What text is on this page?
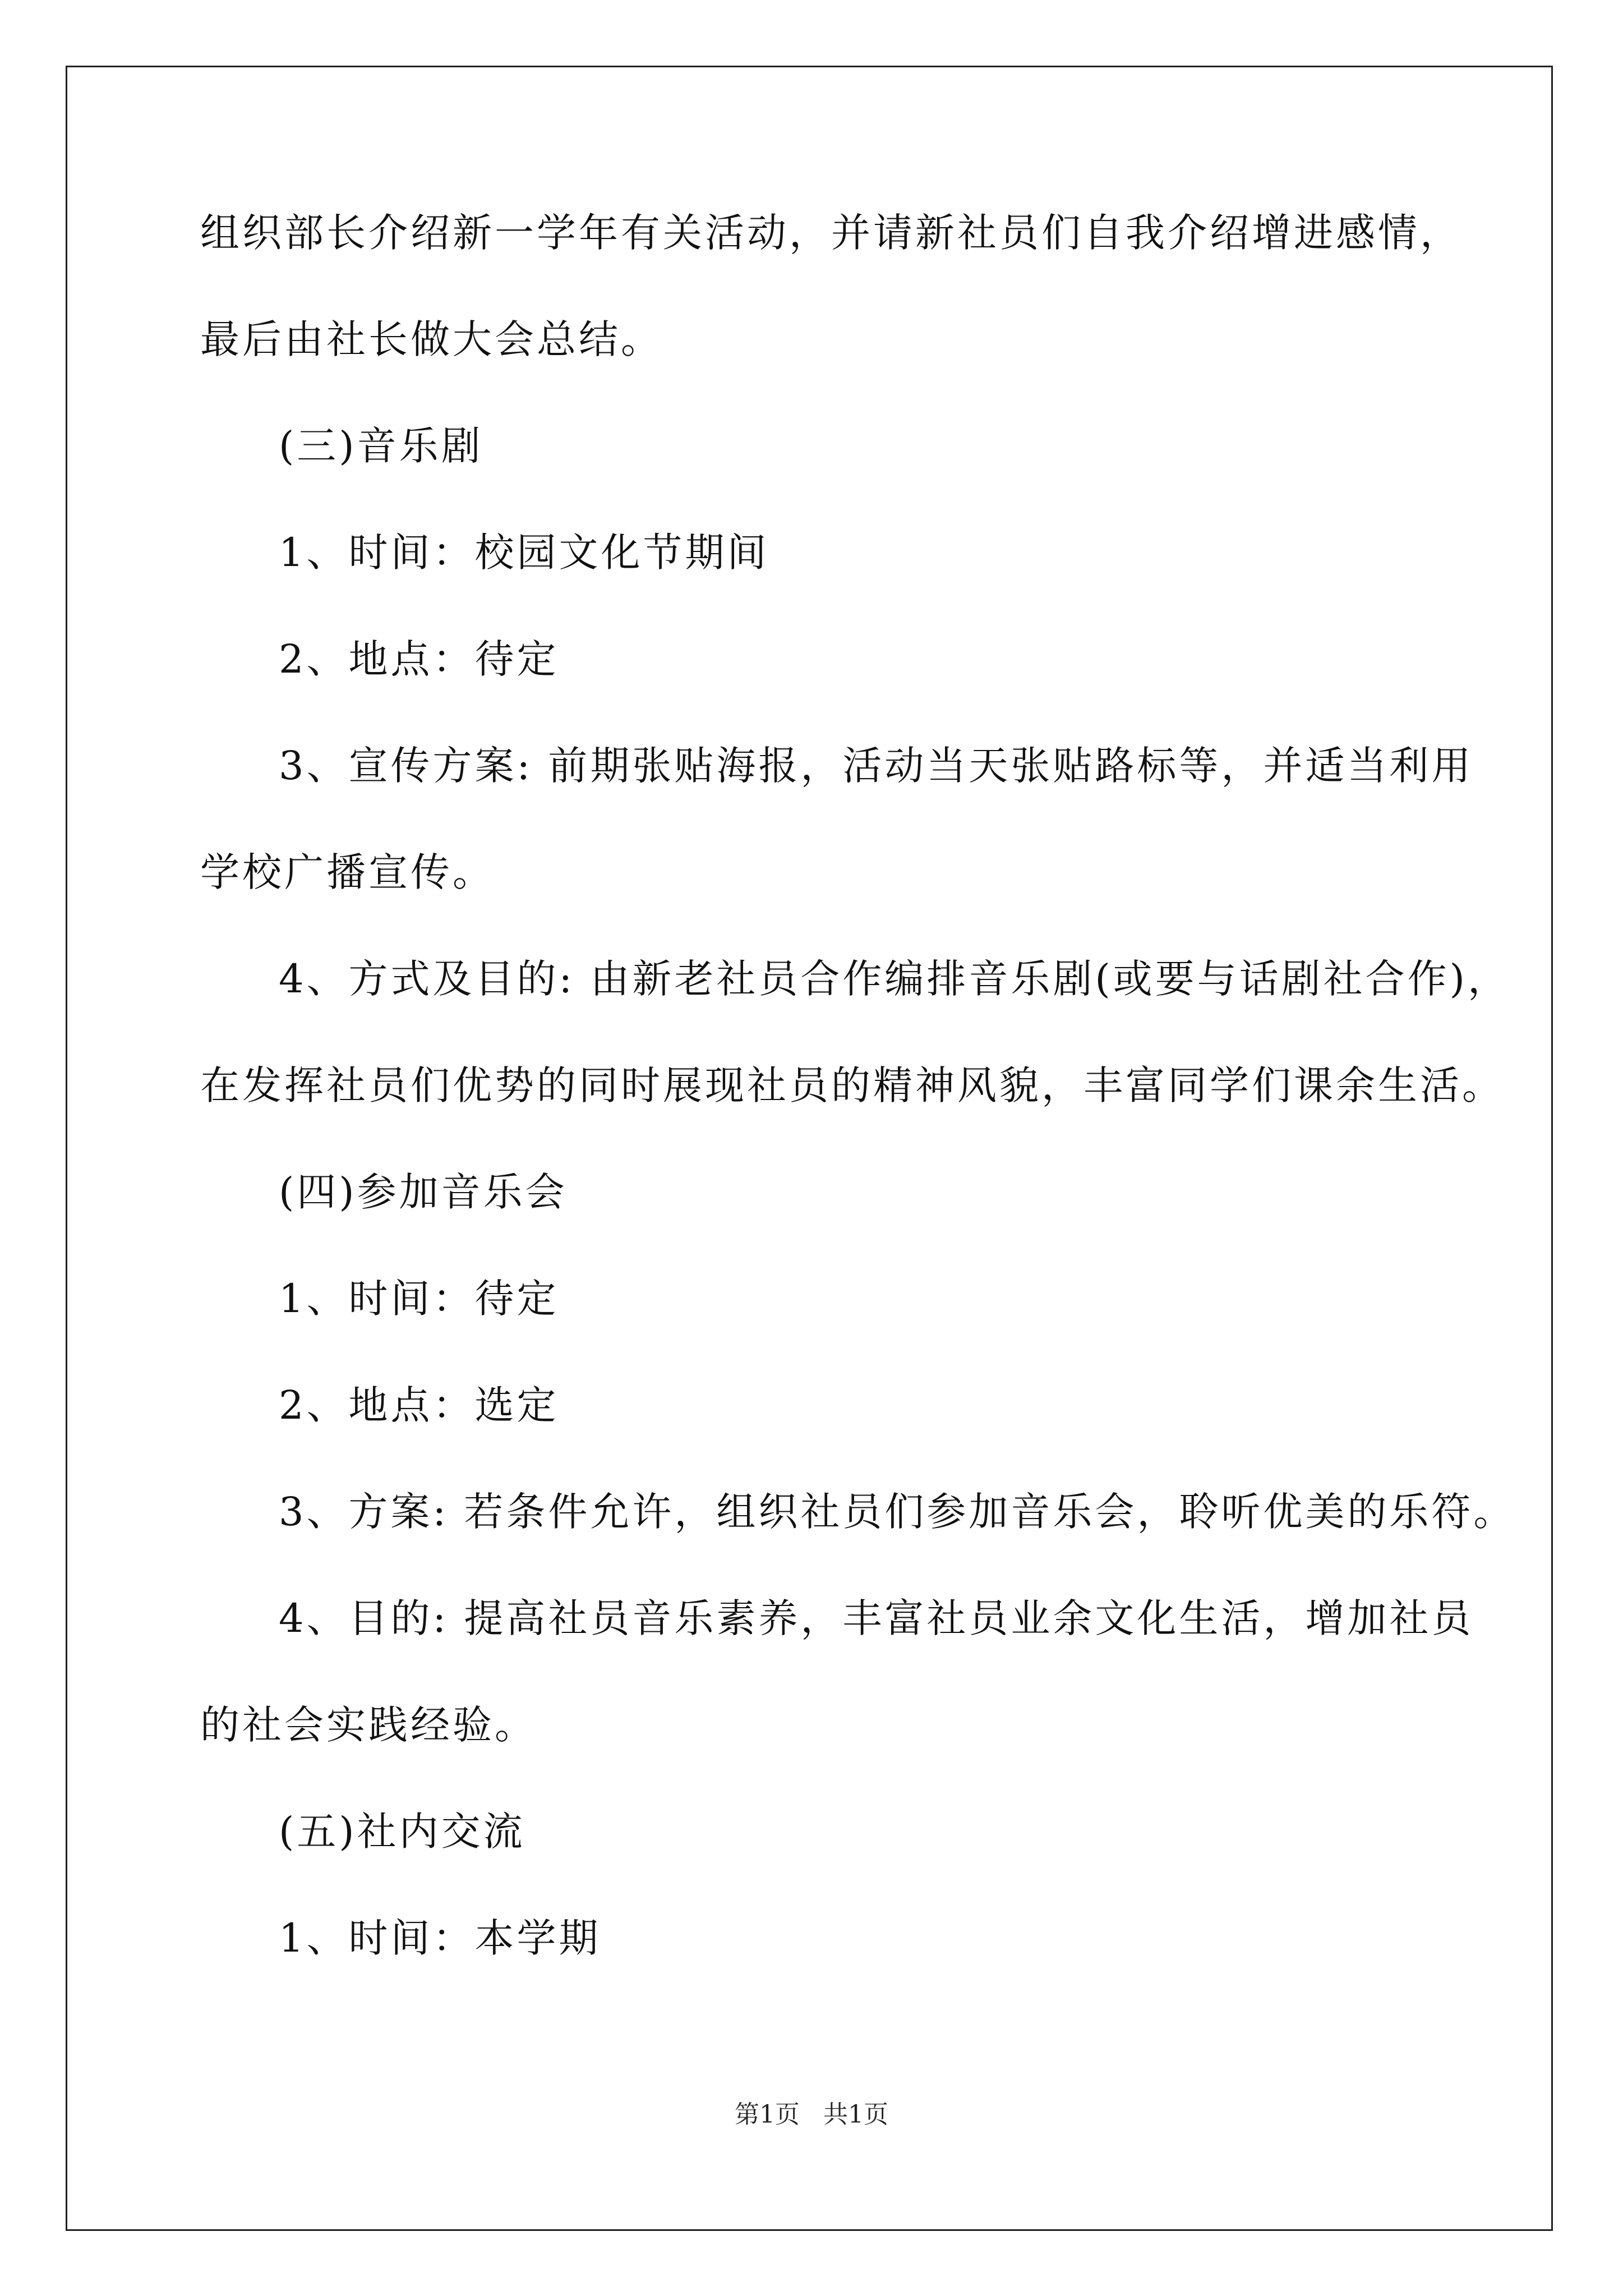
组织部长介绍新一学年有关活动，并请新社员们自我介绍增进感情，
最后由社长做大会总结。
(三)音乐剧
1、时间：校园文化节期间
2、地点：待定
3、宣传方案: 前期张贴海报，活动当天张贴路标等，并适当利用
学校广播宣传。
4、方式及目的: 由新老社员合作编排音乐剧(或要与话剧社合作)，
在发挥社员们优势的同时展现社员的精神风貌，丰富同学们课余生活。
(四)参加音乐会
1、时间：待定
2、地点：选定
3、方案: 若条件允许，组织社员们参加音乐会，聆听优美的乐符。
4、目的: 提高社员音乐素养，丰富社员业余文化生活，增加社员
的社会实践经验。
(五)社内交流
1、时间：本学期
第1页 共1页
